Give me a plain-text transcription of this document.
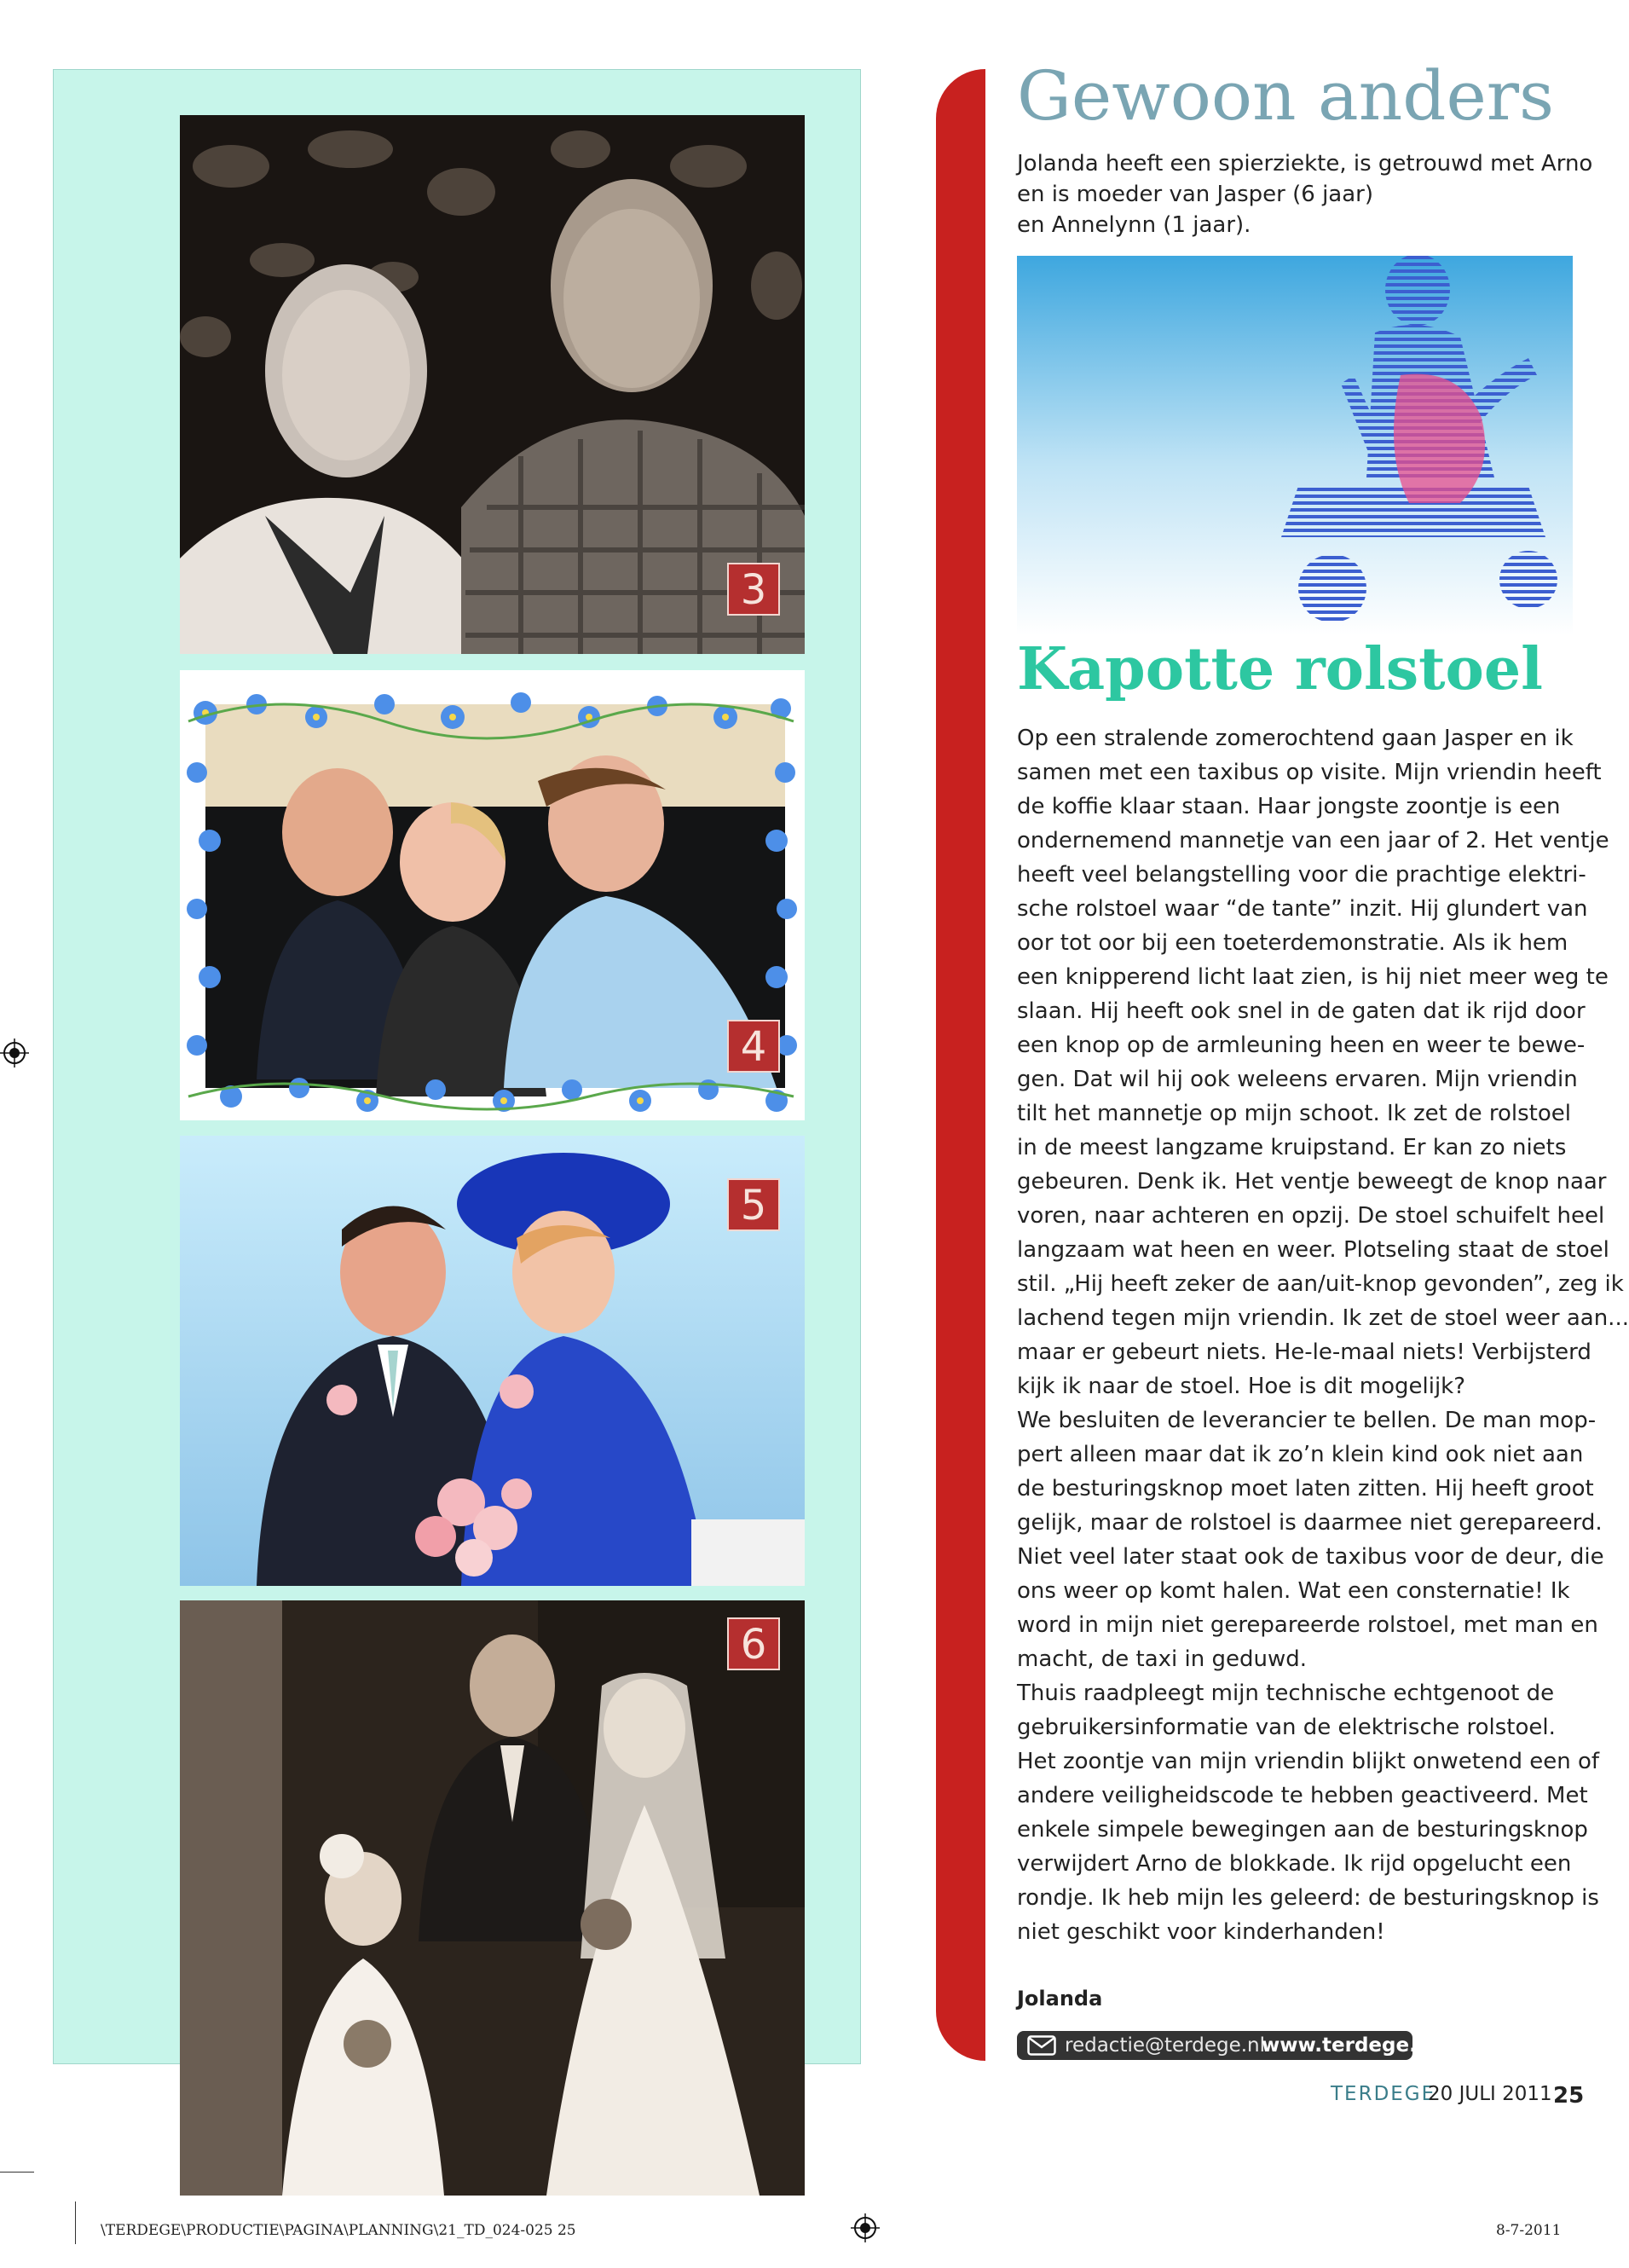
3
4
5
6
Gewoon anders
Jolanda heeft een spierziekte, is getrouwd met Arno
en is moeder van Jasper (6 jaar)
en Annelynn (1 jaar).
Kapotte rolstoel
Op een stralende zomerochtend gaan Jasper en ik
samen met een taxibus op visite. Mijn vriendin heeft
de koffie klaar staan. Haar jongste zoontje is een
ondernemend mannetje van een jaar of 2. Het ventje
heeft veel belangstelling voor die prachtige elektri-
sche rolstoel waar “de tante” inzit. Hij glundert van
oor tot oor bij een toeterdemonstratie. Als ik hem
een knipperend licht laat zien, is hij niet meer weg te
slaan. Hij heeft ook snel in de gaten dat ik rijd door
een knop op de armleuning heen en weer te bewe-
gen. Dat wil hij ook weleens ervaren. Mijn vriendin
tilt het mannetje op mijn schoot. Ik zet de rolstoel
in de meest langzame kruipstand. Er kan zo niets
gebeuren. Denk ik. Het ventje beweegt de knop naar
voren, naar achteren en opzij. De stoel schuifelt heel
langzaam wat heen en weer. Plotseling staat de stoel
stil. „Hij heeft zeker de aan/uit-knop gevonden”, zeg ik
lachend tegen mijn vriendin. Ik zet de stoel weer aan...
maar er gebeurt niets. He-le-maal niets! Verbijsterd
kijk ik naar de stoel. Hoe is dit mogelijk?
We besluiten de leverancier te bellen. De man mop-
pert alleen maar dat ik zo’n klein kind ook niet aan
de besturingsknop moet laten zitten. Hij heeft groot
gelijk, maar de rolstoel is daarmee niet gerepareerd.
Niet veel later staat ook de taxibus voor de deur, die
ons weer op komt halen. Wat een consternatie! Ik
word in mijn niet gerepareerde rolstoel, met man en
macht, de taxi in geduwd.
Thuis raadpleegt mijn technische echtgenoot de
gebruikersinformatie van de elektrische rolstoel.
Het zoontje van mijn vriendin blijkt onwetend een of
andere veiligheidscode te hebben geactiveerd. Met
enkele simpele bewegingen aan de besturingsknop
verwijdert Arno de blokkade. Ik rijd opgelucht een
rondje. Ik heb mijn les geleerd: de besturingsknop is
niet geschikt voor kinderhanden!
Jolanda
redactie@terdege.nl
www.terdege.nl
TERDEGE
20 JULI 2011 25
\TERDEGE\PRODUCTIE\PAGINA\PLANNING\21_TD_024-025 25	8-7-2011
